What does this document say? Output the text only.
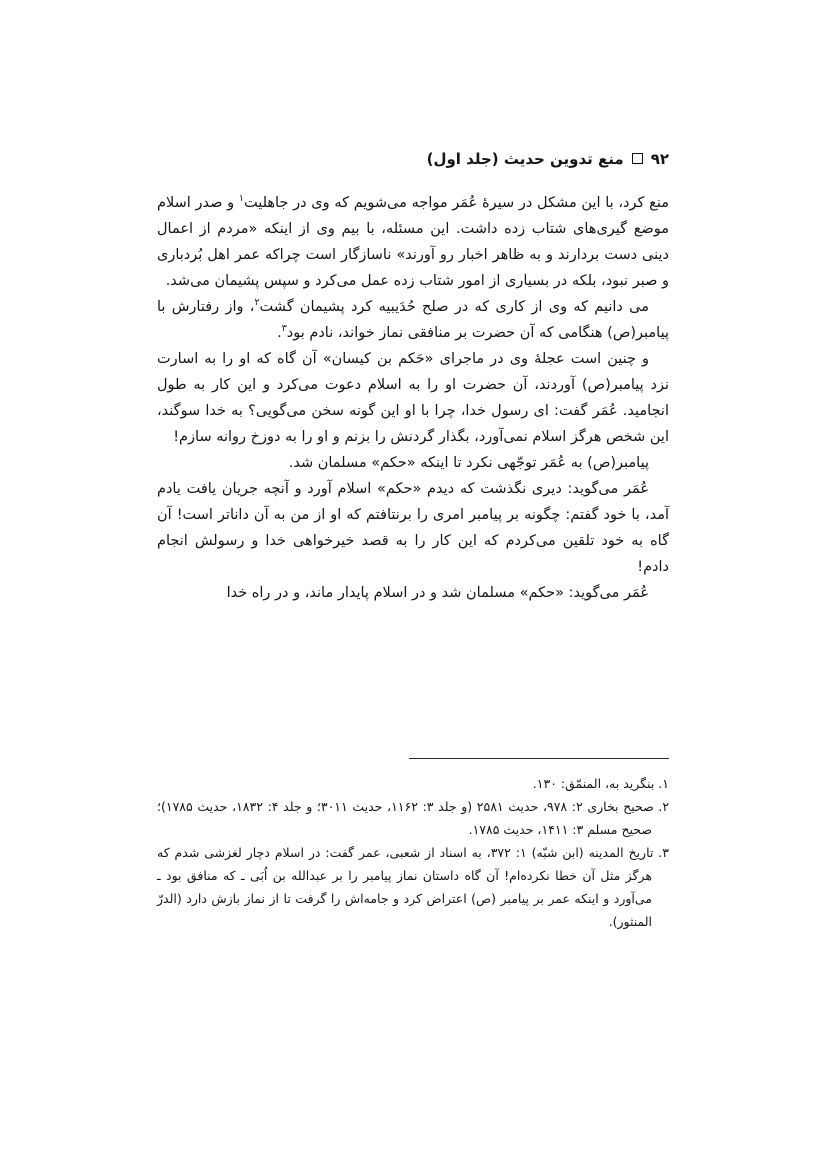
۹۲منع تدوین حدیث (جلد اول)

منع کرد، با این مشکل در سیرهٔ عُمَر مواجه می‌شویم که وی در جاهلیت$^۱$ و صدر اسلام موضع گیری‌های شتاب زده داشت. این مسئله، با بیم وی از اینکه «مردم از اعمال دینی دست بردارند و به ظاهر اخبار رو آورند» ناسازگار است چراکه عمر اهل بُردباری و صبر نبود، بلکه در بسیاری از امور شتاب زده عمل می‌کرد و سپس پشیمان می‌شد.

می دانیم که وی از کاری که در صلح حُدَیبیه کرد پشیمان گشت$^۲$، واز رفتارش با پیامبر(ص) هنگامی که آن حضرت بر منافقی نماز خواند، نادم بود$^۳$.

و چنین است عجلهٔ وی در ماجرای «حَکم بن کیسان» آن گاه که او را به اسارت نزد پیامبر(ص) آوردند، آن حضرت او را به اسلام دعوت می‌کرد و این کار به طول انجامید. عُمَر گفت: ای رسول خدا، چرا با او این گونه سخن می‌گویی؟ به خدا سوگند، این شخص هرگز اسلام نمی‌آورد، بگذار گردنش را بزنم و او را به دوزخ روانه سازم!

پیامبر(ص) به عُمَر توجّهی نکرد تا اینکه «حکم» مسلمان شد.

عُمَر می‌گوید: دیری نگذشت که دیدم «حکم» اسلام آورد و آنچه جریان یافت یادم آمد، با خود گفتم: چگونه بر پیامبر امری را برنتافتم که او از من به آن داناتر است! آن گاه به خود تلقین می‌کردم که این کار را به قصد خیرخواهی خدا و رسولش انجام دادم!

عُمَر می‌گوید: «حکم» مسلمان شد و در اسلام پایدار ماند، و در راه خدا

۱. بنگرید به، المنمّق: ۱۳۰.

۲. صحیح بخاری ۲: ۹۷۸، حدیث ۲۵۸۱ (و جلد ۳: ۱۱۶۲، حدیث ۳۰۱۱؛ و جلد ۴: ۱۸۳۲، حدیث ۱۷۸۵)؛ صحیح مسلم ۳: ۱۴۱۱، حدیث ۱۷۸۵.

۳. تاریخ المدینه (ابن شبّه) ۱: ۳۷۲، به اسناد از شعبی، عمر گفت: در اسلام دچار لغزشی شدم که هرگز مثل آن خطا نکرده‌ام! آن گاه داستان نماز پیامبر را بر عبدالله بن اُبَی ـ که منافق بود ـ می‌آورد و اینکه عمر بر پیامبر (ص) اعتراض کرد و جامه‌اش را گرفت تا از نماز بازش دارد (الدرّ المنثور).
